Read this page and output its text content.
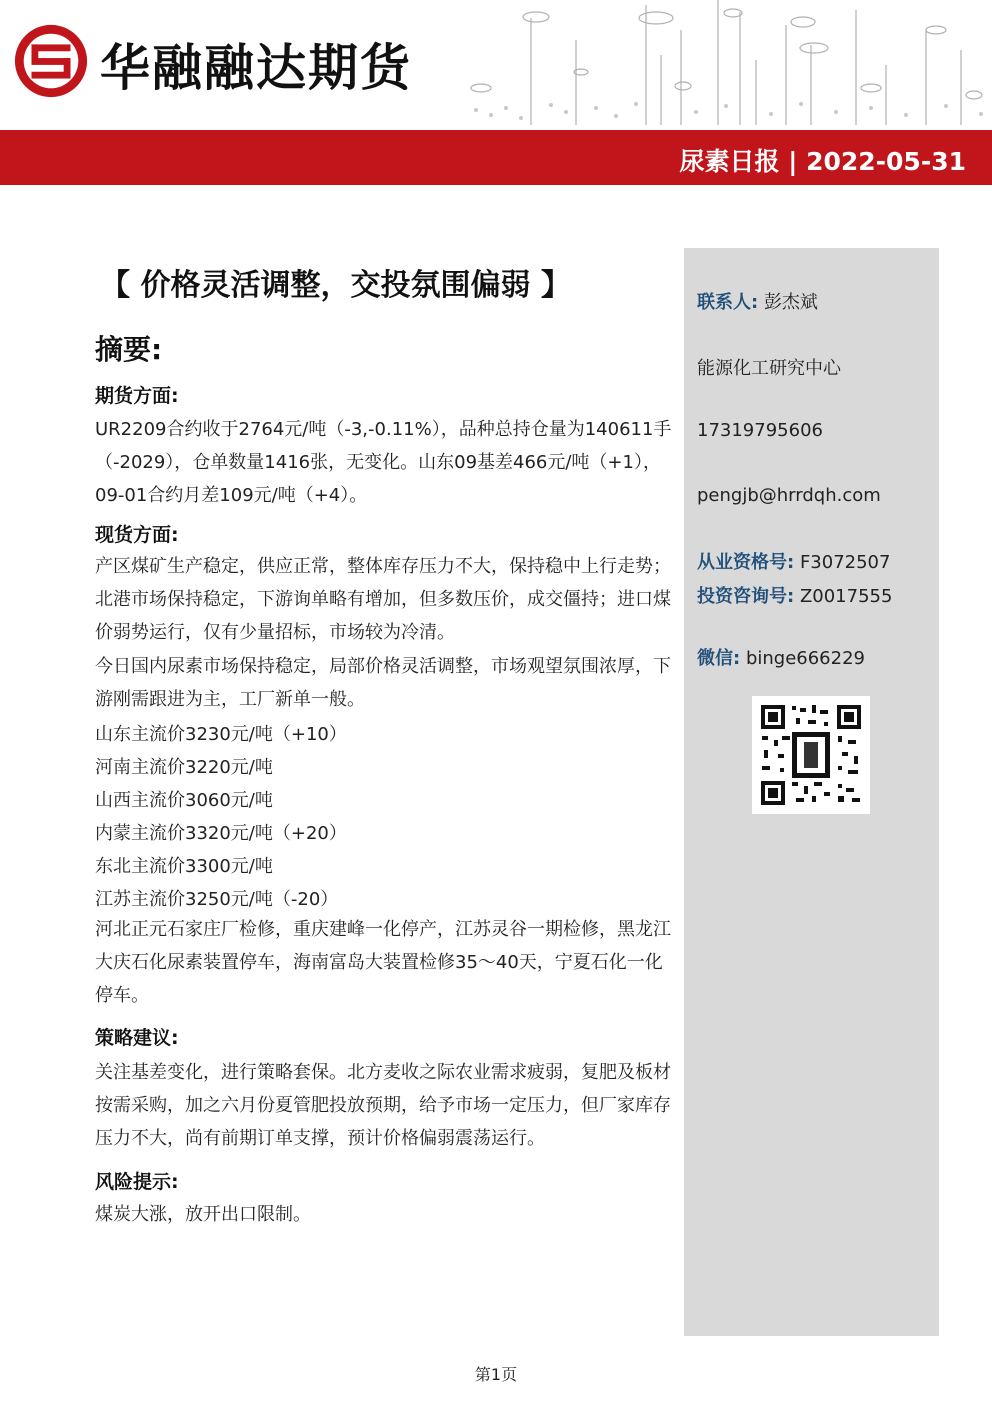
华融融达期货
尿素日报 | 2022-05-31
联系人: 彭杰斌
能源化工研究中心
17319795606
pengjb@hrrdqh.com
从业资格号: F3072507
投资咨询号: Z0017555
微信: binge666229
【 价格灵活调整，交投氛围偏弱 】
摘要:
期货方面:
UR2209合约收于2764元/吨（-3,-0.11%），品种总持仓量为140611手（-2029），仓单数量1416张，无变化。山东09基差466元/吨（+1），09-01合约月差109元/吨（+4）。
现货方面:
产区煤矿生产稳定，供应正常，整体库存压力不大，保持稳中上行走势；北港市场保持稳定，下游询单略有增加，但多数压价，成交僵持；进口煤价弱势运行，仅有少量招标，市场较为冷清。
今日国内尿素市场保持稳定，局部价格灵活调整，市场观望氛围浓厚，下游刚需跟进为主，工厂新单一般。
山东主流价3230元/吨（+10）
河南主流价3220元/吨
山西主流价3060元/吨
内蒙主流价3320元/吨（+20）
东北主流价3300元/吨
江苏主流价3250元/吨（-20）
河北正元石家庄厂检修，重庆建峰一化停产，江苏灵谷一期检修，黑龙江大庆石化尿素装置停车，海南富岛大装置检修35～40天，宁夏石化一化停车。
策略建议:
关注基差变化，进行策略套保。北方麦收之际农业需求疲弱，复肥及板材按需采购，加之六月份夏管肥投放预期，给予市场一定压力，但厂家库存压力不大，尚有前期订单支撑，预计价格偏弱震荡运行。
风险提示:
煤炭大涨，放开出口限制。
第1页
